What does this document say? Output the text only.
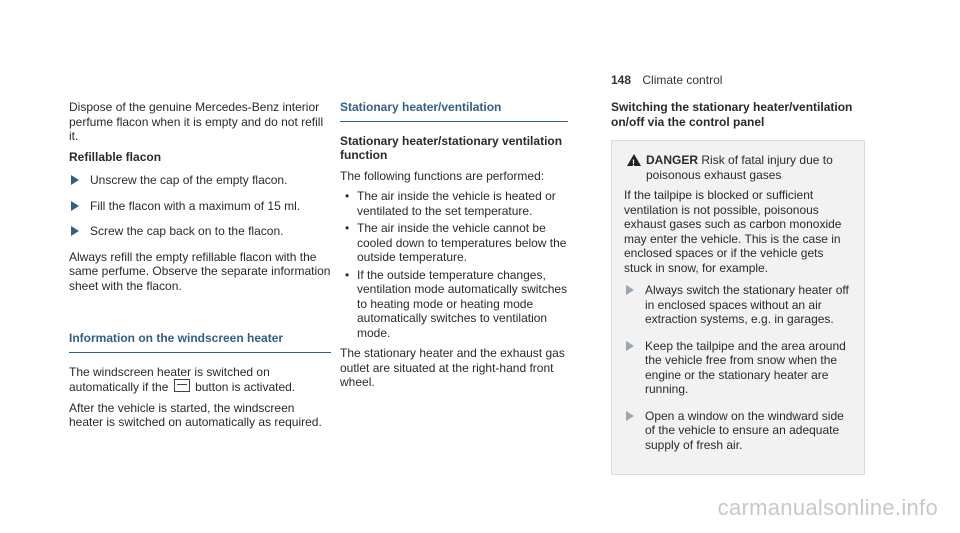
148 Climate control

Dispose of the genuine Mercedes-Benz interior perfume flacon when it is empty and do not refill it.

Refillable flacon
Unscrew the cap of the empty flacon.
Fill the flacon with a maximum of 15 ml.
Screw the cap back on to the flacon.

Always refill the empty refillable flacon with the same perfume. Observe the separate information sheet with the flacon.

Information on the windscreen heater

The windscreen heater is switched on automatically if the button is activated.

After the vehicle is started, the windscreen heater is switched on automatically as required.

Stationary heater/ventilation
Stationary heater/stationary ventilation function

The following functions are performed:

• The air inside the vehicle is heated or ventilated to the set temperature.
• The air inside the vehicle cannot be cooled down to temperatures below the outside temperature.
• If the outside temperature changes, ventilation mode automatically switches to heating mode or heating mode automatically switches to ventilation mode.

The stationary heater and the exhaust gas outlet are situated at the right-hand front wheel.

Switching the stationary heater/ventilation on/off via the control panel
!
DANGER Risk of fatal injury due to poisonous exhaust gases

If the tailpipe is blocked or sufficient ventilation is not possible, poisonous exhaust gases such as carbon monoxide may enter the vehicle. This is the case in enclosed spaces or if the vehicle gets stuck in snow, for example.

Always switch the stationary heater off in enclosed spaces without an air extraction systems, e.g. in garages.
Keep the tailpipe and the area around the vehicle free from snow when the engine or the stationary heater are running.
Open a window on the windward side of the vehicle to ensure an adequate supply of fresh air.
carmanualsonline.info
